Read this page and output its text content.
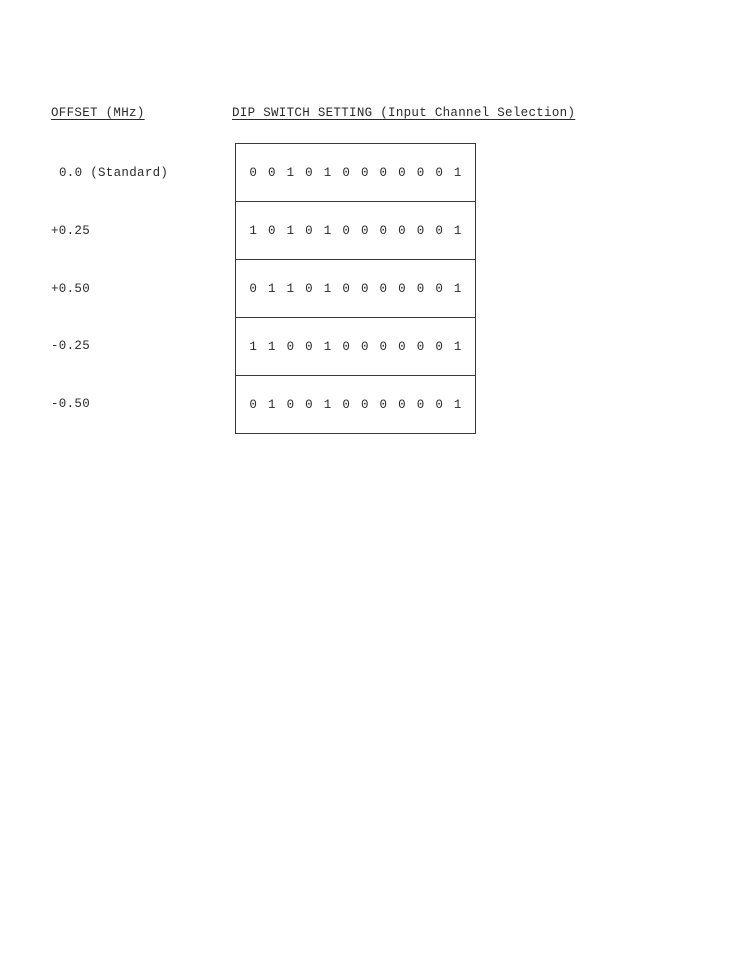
OFFSET (MHz)	DIP SWITCH SETTING (Input Channel Selection)
0.0 (Standard)
+0.25
+0.50
-0.25
-0.50
0 0 1 0 1 0 0 0 0 0 0 1
1 0 1 0 1 0 0 0 0 0 0 1
0 1 1 0 1 0 0 0 0 0 0 1
1 1 0 0 1 0 0 0 0 0 0 1
0 1 0 0 1 0 0 0 0 0 0 1
